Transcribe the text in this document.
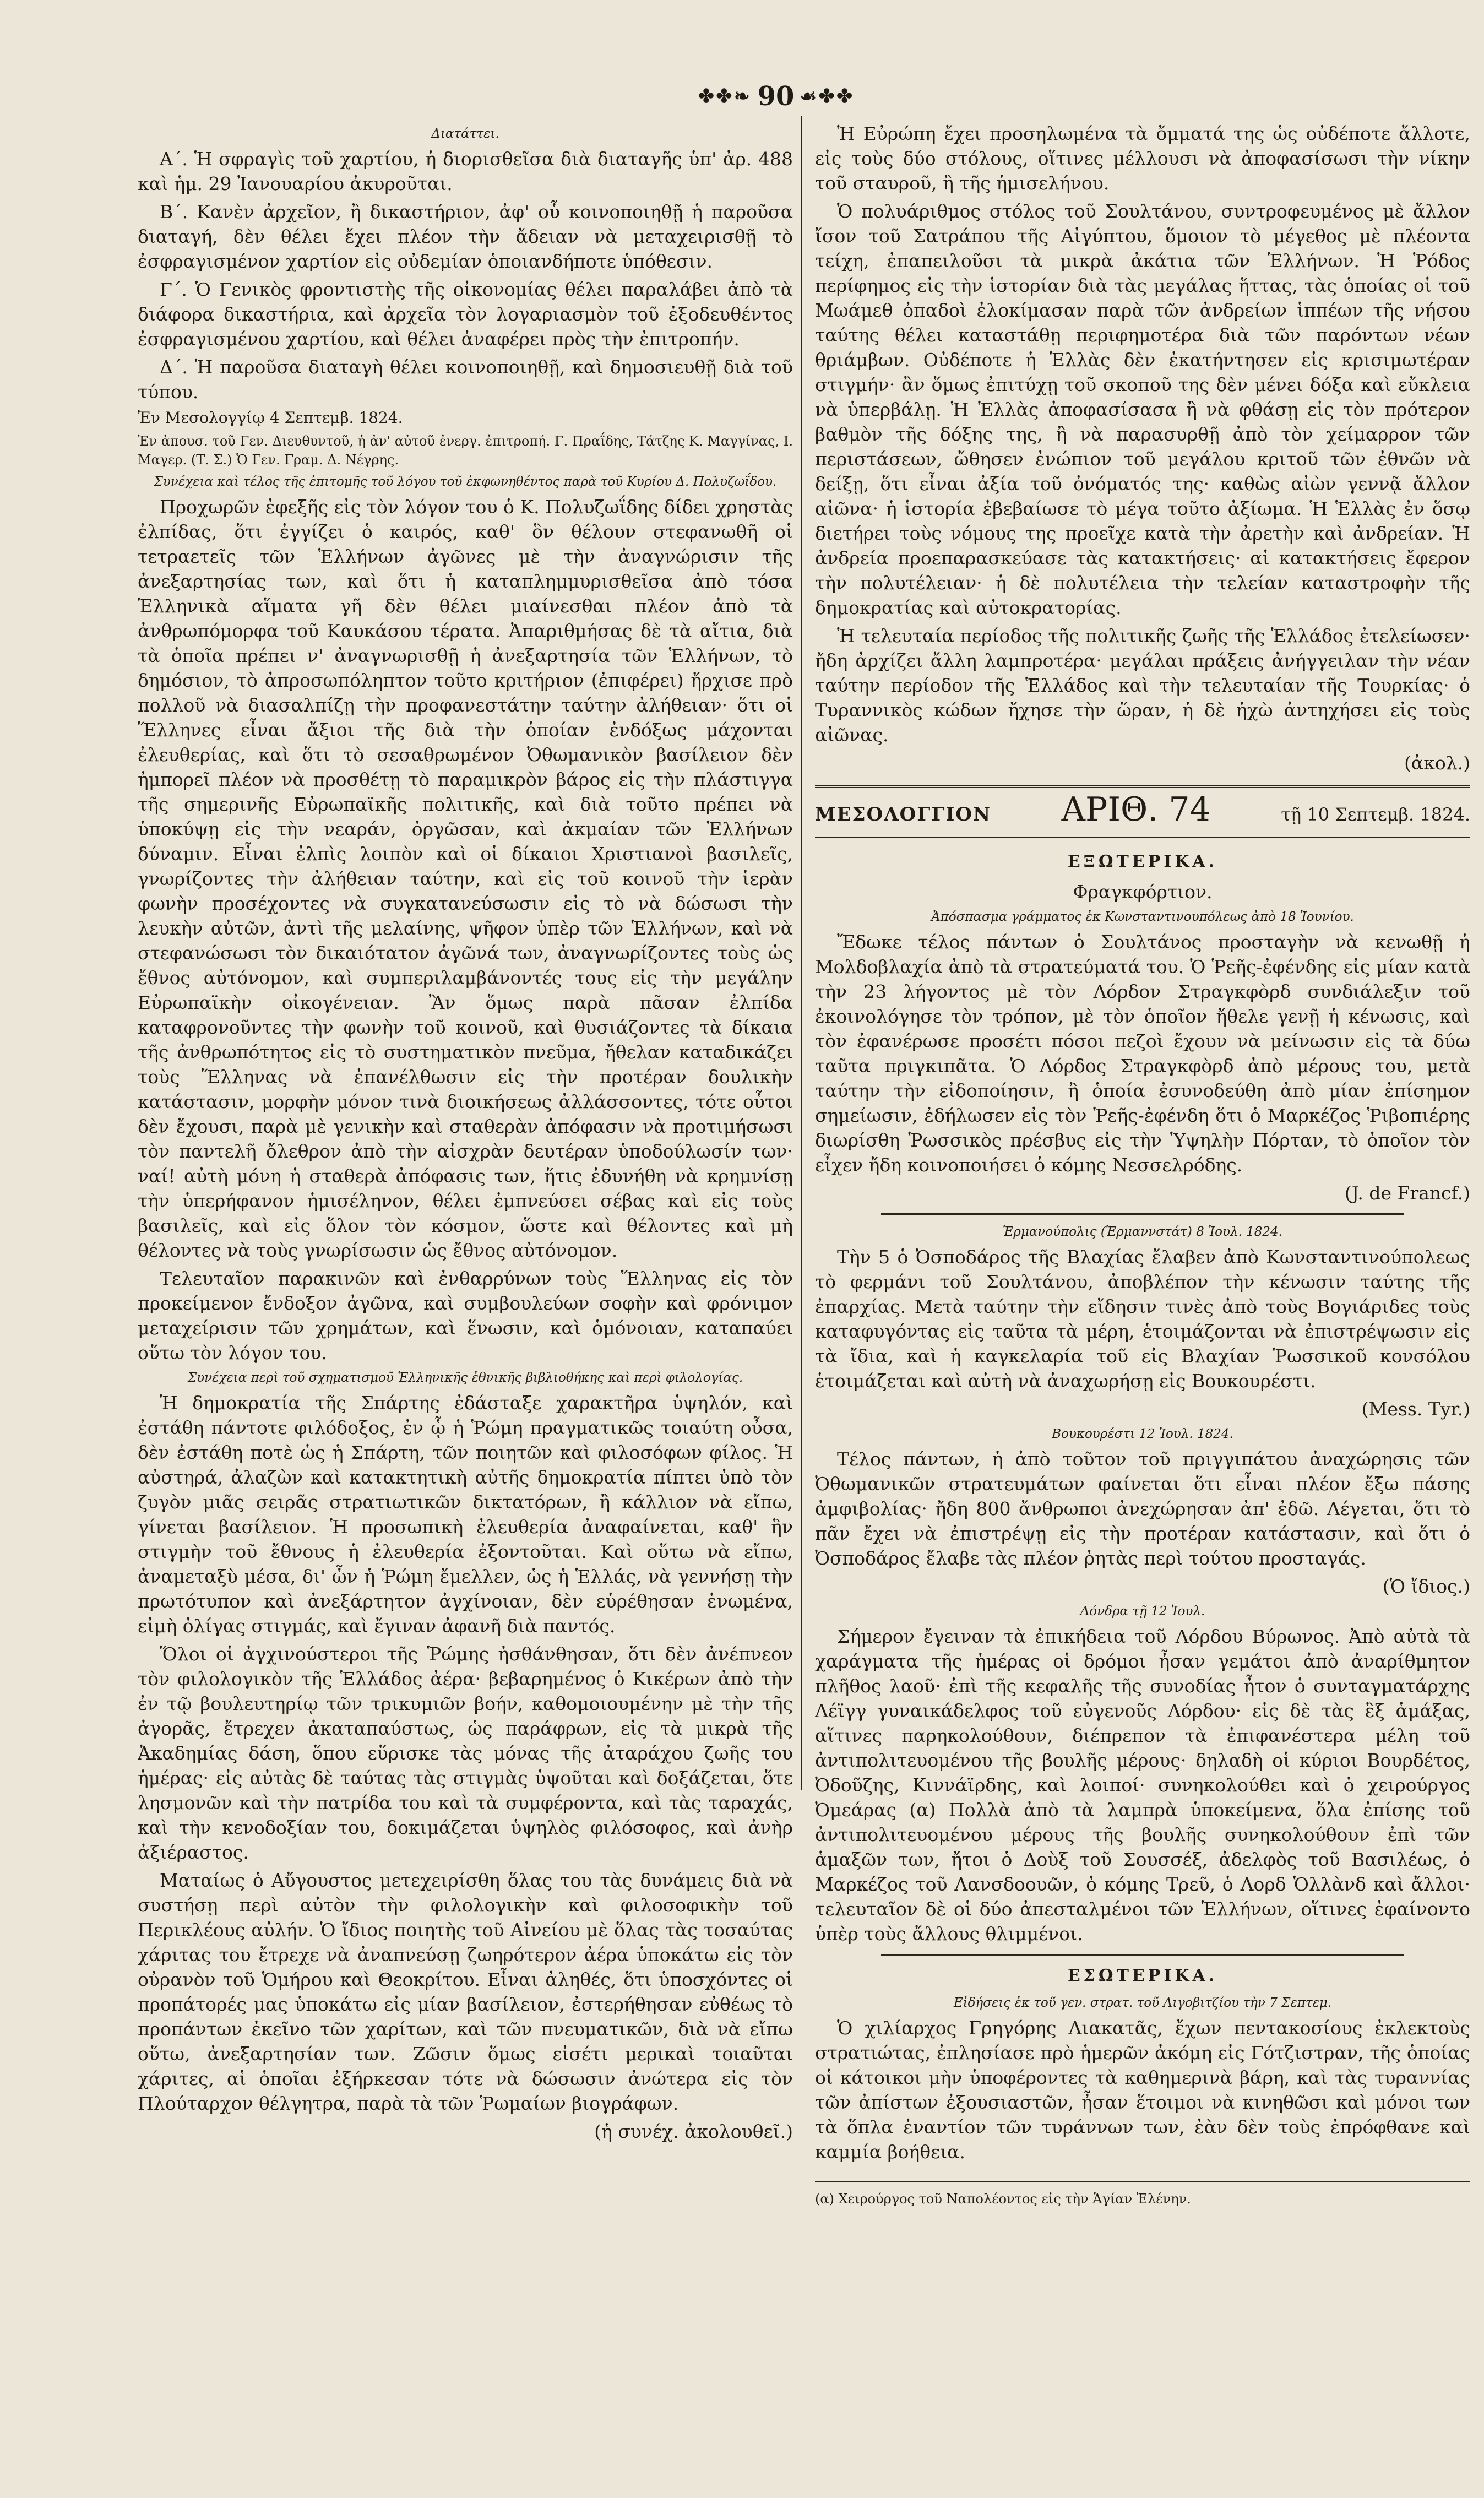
✤✤❧ 90 ☙✤✤
Διατάττει.

Α΄. Ἡ σφραγὶς τοῦ χαρτίου, ἡ διορισθεῖσα διὰ διαταγῆς ὑπ' ἀρ. 488 καὶ ἡμ. 29 Ἰανουαρίου ἀκυροῦται.

Β΄. Κανὲν ἀρχεῖον, ἢ δικαστήριον, ἀφ' οὗ κοινοποιηθῇ ἡ παροῦσα διαταγή, δὲν θέλει ἔχει πλέον τὴν ἄδειαν νὰ μεταχειρισθῇ τὸ ἐσφραγισμένον χαρτίον εἰς οὐδεμίαν ὁποιανδήποτε ὑπόθεσιν.

Γ΄. Ὁ Γενικὸς φροντιστὴς τῆς οἰκονομίας θέλει παραλάβει ἀπὸ τὰ διάφορα δικαστήρια, καὶ ἀρχεῖα τὸν λογαριασμὸν τοῦ ἐξοδευθέντος ἐσφραγισμένου χαρτίου, καὶ θέλει ἀναφέρει πρὸς τὴν ἐπιτροπήν.

Δ΄. Ἡ παροῦσα διαταγὴ θέλει κοινοποιηθῇ, καὶ δημοσιευθῇ διὰ τοῦ τύπου.

Ἐν Μεσολογγίῳ 4 Σεπτεμβ. 1824.

Ἐν ἀπουσ. τοῦ Γεν. Διευθυντοῦ, ἡ ἀν' αὐτοῦ ἐνεργ. ἐπιτροπή. Γ. Πραΐδης, Τάτζης Κ. Μαγγίνας, Ι. Μαγερ. (Τ. Σ.) Ὁ Γεν. Γραμ. Δ. Νέγρης.

Συνέχεια καὶ τέλος τῆς ἐπιτομῆς τοῦ λόγου τοῦ ἐκφωνηθέντος παρὰ τοῦ Κυρίου Δ. Πολυζωΐδου.

Προχωρῶν ἐφεξῆς εἰς τὸν λόγον του ὁ Κ. Πολυζωΐδης δίδει χρηστὰς ἐλπίδας, ὅτι ἐγγίζει ὁ καιρός, καθ' ὃν θέλουν στεφανωθῆ οἱ τετραετεῖς τῶν Ἑλλήνων ἀγῶνες μὲ τὴν ἀναγνώρισιν τῆς ἀνεξαρτησίας των, καὶ ὅτι ἡ καταπλημμυρισθεῖσα ἀπὸ τόσα Ἑλληνικὰ αἵματα γῆ δὲν θέλει μιαίνεσθαι πλέον ἀπὸ τὰ ἀνθρωπόμορφα τοῦ Καυκάσου τέρατα. Ἀπαριθμήσας δὲ τὰ αἴτια, διὰ τὰ ὁποῖα πρέπει ν' ἀναγνωρισθῇ ἡ ἀνεξαρτησία τῶν Ἑλλήνων, τὸ δημόσιον, τὸ ἀπροσωπόληπτον τοῦτο κριτήριον (ἐπιφέρει) ἤρχισε πρὸ πολλοῦ νὰ διασαλπίζῃ τὴν προφανεστάτην ταύτην ἀλήθειαν· ὅτι οἱ Ἕλληνες εἶναι ἄξιοι τῆς διὰ τὴν ὁποίαν ἐνδόξως μάχονται ἐλευθερίας, καὶ ὅτι τὸ σεσαθρωμένον Ὀθωμανικὸν βασίλειον δὲν ἠμπορεῖ πλέον νὰ προσθέτῃ τὸ παραμικρὸν βάρος εἰς τὴν πλάστιγγα τῆς σημερινῆς Εὐρωπαϊκῆς πολιτικῆς, καὶ διὰ τοῦτο πρέπει νὰ ὑποκύψῃ εἰς τὴν νεαράν, ὀργῶσαν, καὶ ἀκμαίαν τῶν Ἑλλήνων δύναμιν. Εἶναι ἐλπὶς λοιπὸν καὶ οἱ δίκαιοι Χριστιανοὶ βασιλεῖς, γνωρίζοντες τὴν ἀλήθειαν ταύτην, καὶ εἰς τοῦ κοινοῦ τὴν ἱερὰν φωνὴν προσέχοντες νὰ συγκατανεύσωσιν εἰς τὸ νὰ δώσωσι τὴν λευκὴν αὐτῶν, ἀντὶ τῆς μελαίνης, ψῆφον ὑπὲρ τῶν Ἑλλήνων, καὶ νὰ στεφανώσωσι τὸν δικαιότατον ἀγῶνά των, ἀναγνωρίζοντες τοὺς ὡς ἔθνος αὐτόνομον, καὶ συμπεριλαμβάνοντές τους εἰς τὴν μεγάλην Εὐρωπαϊκὴν οἰκογένειαν. Ἂν ὅμως παρὰ πᾶσαν ἐλπίδα καταφρονοῦντες τὴν φωνὴν τοῦ κοινοῦ, καὶ θυσιάζοντες τὰ δίκαια τῆς ἀνθρωπότητος εἰς τὸ συστηματικὸν πνεῦμα, ἤθελαν καταδικάζει τοὺς Ἕλληνας νὰ ἐπανέλθωσιν εἰς τὴν προτέραν δουλικὴν κατάστασιν, μορφὴν μόνον τινὰ διοικήσεως ἀλλάσσοντες, τότε οὗτοι δὲν ἔχουσι, παρὰ μὲ γενικὴν καὶ σταθερὰν ἀπόφασιν νὰ προτιμήσωσι τὸν παντελῆ ὄλεθρον ἀπὸ τὴν αἰσχρὰν δευτέραν ὑποδούλωσίν των· ναί! αὐτὴ μόνη ἡ σταθερὰ ἀπόφασις των, ἥτις ἐδυνήθη νὰ κρημνίσῃ τὴν ὑπερήφανον ἡμισέληνον, θέλει ἐμπνεύσει σέβας καὶ εἰς τοὺς βασιλεῖς, καὶ εἰς ὅλον τὸν κόσμον, ὥστε καὶ θέλοντες καὶ μὴ θέλοντες νὰ τοὺς γνωρίσωσιν ὡς ἔθνος αὐτόνομον.

Τελευταῖον παρακινῶν καὶ ἐνθαρρύνων τοὺς Ἕλληνας εἰς τὸν προκείμενον ἔνδοξον ἀγῶνα, καὶ συμβουλεύων σοφὴν καὶ φρόνιμον μεταχείρισιν τῶν χρημάτων, καὶ ἕνωσιν, καὶ ὁμόνοιαν, καταπαύει οὕτω τὸν λόγον του.

Συνέχεια περὶ τοῦ σχηματισμοῦ Ἑλληνικῆς ἐθνικῆς βιβλιοθήκης καὶ περὶ φιλολογίας.

Ἡ δημοκρατία τῆς Σπάρτης ἐδάσταξε χαρακτῆρα ὑψηλόν, καὶ ἐστάθη πάντοτε φιλόδοξος, ἐν ᾧ ἡ Ῥώμη πραγματικῶς τοιαύτη οὖσα, δὲν ἐστάθη ποτὲ ὡς ἡ Σπάρτη, τῶν ποιητῶν καὶ φιλοσόφων φίλος. Ἡ αὐστηρά, ἀλαζὼν καὶ κατακτητικὴ αὐτῆς δημοκρατία πίπτει ὑπὸ τὸν ζυγὸν μιᾶς σειρᾶς στρατιωτικῶν δικτατόρων, ἢ κάλλιον νὰ εἴπω, γίνεται βασίλειον. Ἡ προσωπικὴ ἐλευθερία ἀναφαίνεται, καθ' ἣν στιγμὴν τοῦ ἔθνους ἡ ἐλευθερία ἐξοντοῦται. Καὶ οὕτω νὰ εἴπω, ἀναμεταξὺ μέσα, δι' ὧν ἡ Ῥώμη ἔμελλεν, ὡς ἡ Ἑλλάς, νὰ γεννήσῃ τὴν πρωτότυπον καὶ ἀνεξάρτητον ἀγχίνοιαν, δὲν εὑρέθησαν ἑνωμένα, εἰμὴ ὀλίγας στιγμάς, καὶ ἔγιναν ἀφανῆ διὰ παντός.

Ὅλοι οἱ ἀγχινούστεροι τῆς Ῥώμης ἠσθάνθησαν, ὅτι δὲν ἀνέπνεον τὸν φιλολογικὸν τῆς Ἑλλάδος ἀέρα· βεβαρημένος ὁ Κικέρων ἀπὸ τὴν ἐν τῷ βουλευτηρίῳ τῶν τρικυμιῶν βοήν, καθομοιουμένην μὲ τὴν τῆς ἀγορᾶς, ἔτρεχεν ἀκαταπαύστως, ὡς παράφρων, εἰς τὰ μικρὰ τῆς Ἀκαδημίας δάση, ὅπου εὕρισκε τὰς μόνας τῆς ἀταράχου ζωῆς του ἡμέρας· εἰς αὐτὰς δὲ ταύτας τὰς στιγμὰς ὑψοῦται καὶ δοξάζεται, ὅτε λησμονῶν καὶ τὴν πατρίδα του καὶ τὰ συμφέροντα, καὶ τὰς ταραχάς, καὶ τὴν κενοδοξίαν του, δοκιμάζεται ὑψηλὸς φιλόσοφος, καὶ ἀνὴρ ἀξιέραστος.

Ματαίως ὁ Αὔγουστος μετεχειρίσθη ὅλας του τὰς δυνάμεις διὰ νὰ συστήσῃ περὶ αὐτὸν τὴν φιλολογικὴν καὶ φιλοσοφικὴν τοῦ Περικλέους αὐλήν. Ὁ ἴδιος ποιητὴς τοῦ Αἰνείου μὲ ὅλας τὰς τοσαύτας χάριτας του ἔτρεχε νὰ ἀναπνεύσῃ ζωηρότερον ἀέρα ὑποκάτω εἰς τὸν οὐρανὸν τοῦ Ὁμήρου καὶ Θεοκρίτου. Εἶναι ἀληθές, ὅτι ὑποσχόντες οἱ προπάτορές μας ὑποκάτω εἰς μίαν βασίλειον, ἐστερήθησαν εὐθέως τὸ προπάντων ἐκεῖνο τῶν χαρίτων, καὶ τῶν πνευματικῶν, διὰ νὰ εἴπω οὕτω, ἀνεξαρτησίαν των. Ζῶσιν ὅμως εἰσέτι μερικαὶ τοιαῦται χάριτες, αἱ ὁποῖαι ἐξήρκεσαν τότε νὰ δώσωσιν ἀνώτερα εἰς τὸν Πλούταρχον θέλγητρα, παρὰ τὰ τῶν Ῥωμαίων βιογράφων.

(ἡ συνέχ. ἀκολουθεῖ.)

Ἡ Εὐρώπη ἔχει προσηλωμένα τὰ ὄμματά της ὡς οὐδέποτε ἄλλοτε, εἰς τοὺς δύο στόλους, οἵτινες μέλλουσι νὰ ἀποφασίσωσι τὴν νίκην τοῦ σταυροῦ, ἢ τῆς ἡμισελήνου.

Ὁ πολυάριθμος στόλος τοῦ Σουλτάνου, συντροφευμένος μὲ ἄλλον ἴσον τοῦ Σατράπου τῆς Αἰγύπτου, ὅμοιον τὸ μέγεθος μὲ πλέοντα τείχη, ἐπαπειλοῦσι τὰ μικρὰ ἀκάτια τῶν Ἑλλήνων. Ἡ Ῥόδος περίφημος εἰς τὴν ἱστορίαν διὰ τὰς μεγάλας ἥττας, τὰς ὁποίας οἱ τοῦ Μωάμεθ ὀπαδοὶ ἐλοκίμασαν παρὰ τῶν ἀνδρείων ἱππέων τῆς νήσου ταύτης θέλει καταστάθῃ περιφημοτέρα διὰ τῶν παρόντων νέων θριάμβων. Οὐδέποτε ἡ Ἑλλὰς δὲν ἐκατήντησεν εἰς κρισιμωτέραν στιγμήν· ἂν ὅμως ἐπιτύχῃ τοῦ σκοποῦ της δὲν μένει δόξα καὶ εὔκλεια νὰ ὑπερβάλῃ. Ἡ Ἑλλὰς ἀποφασίσασα ἢ νὰ φθάσῃ εἰς τὸν πρότερον βαθμὸν τῆς δόξης της, ἢ νὰ παρασυρθῇ ἀπὸ τὸν χείμαρρον τῶν περιστάσεων, ὤθησεν ἐνώπιον τοῦ μεγάλου κριτοῦ τῶν ἐθνῶν νὰ δείξῃ, ὅτι εἶναι ἀξία τοῦ ὀνόματός της· καθὼς αἰὼν γεννᾷ ἄλλον αἰῶνα· ἡ ἱστορία ἐβεβαίωσε τὸ μέγα τοῦτο ἀξίωμα. Ἡ Ἑλλὰς ἐν ὅσῳ διετήρει τοὺς νόμους της προεῖχε κατὰ τὴν ἀρετὴν καὶ ἀνδρείαν. Ἡ ἀνδρεία προεπαρασκεύασε τὰς κατακτήσεις· αἱ κατακτήσεις ἔφερον τὴν πολυτέλειαν· ἡ δὲ πολυτέλεια τὴν τελείαν καταστροφὴν τῆς δημοκρατίας καὶ αὐτοκρατορίας.

Ἡ τελευταία περίοδος τῆς πολιτικῆς ζωῆς τῆς Ἑλλάδος ἐτελείωσεν· ἤδη ἀρχίζει ἄλλη λαμπροτέρα· μεγάλαι πράξεις ἀνήγγειλαν τὴν νέαν ταύτην περίοδον τῆς Ἑλλάδος καὶ τὴν τελευταίαν τῆς Τουρκίας· ὁ Τυραννικὸς κώδων ἤχησε τὴν ὥραν, ἡ δὲ ἠχὼ ἀντηχήσει εἰς τοὺς αἰῶνας.

(ἀκολ.)

ΜΕΣΟΛΟΓΓΙΟΝ ΑΡΙΘ. 74	τῇ 10 Σεπτεμβ. 1824.
ΕΞΩΤΕΡΙΚΑ.

Φραγκφόρτιον.

Ἀπόσπασμα γράμματος ἐκ Κωνσταντινουπόλεως ἀπὸ 18 Ἰουνίου.

Ἔδωκε τέλος πάντων ὁ Σουλτάνος προσταγὴν νὰ κενωθῇ ἡ Μολδοβλαχία ἀπὸ τὰ στρατεύματά του. Ὁ Ῥεῆς-ἐφένδης εἰς μίαν κατὰ τὴν 23 λήγοντος μὲ τὸν Λόρδον Στραγκφὸρδ συνδιάλεξιν τοῦ ἐκοινολόγησε τὸν τρόπον, μὲ τὸν ὁποῖον ἤθελε γενῇ ἡ κένωσις, καὶ τὸν ἐφανέρωσε προσέτι πόσοι πεζοὶ ἔχουν νὰ μείνωσιν εἰς τὰ δύω ταῦτα πριγκιπᾶτα. Ὁ Λόρδος Στραγκφὸρδ ἀπὸ μέρους του, μετὰ ταύτην τὴν εἰδοποίησιν, ἢ ὁποία ἐσυνοδεύθη ἀπὸ μίαν ἐπίσημον σημείωσιν, ἐδήλωσεν εἰς τὸν Ῥεῆς-ἐφένδη ὅτι ὁ Μαρκέζος Ῥιβοπιέρης διωρίσθη Ῥωσσικὸς πρέσβυς εἰς τὴν Ὑψηλὴν Πόρταν, τὸ ὁποῖον τὸν εἶχεν ἤδη κοινοποιήσει ὁ κόμης Νεσσελρόδης.

(J. de Francf.)

Ἑρμανούπολις (Ἑρμαννστάτ) 8 Ἰουλ. 1824.

Τὴν 5 ὁ Ὀσποδάρος τῆς Βλαχίας ἔλαβεν ἀπὸ Κωνσταντινούπολεως τὸ φερμάνι τοῦ Σουλτάνου, ἀποβλέπον τὴν κένωσιν ταύτης τῆς ἐπαρχίας. Μετὰ ταύτην τὴν εἴδησιν τινὲς ἀπὸ τοὺς Βογιάριδες τοὺς καταφυγόντας εἰς ταῦτα τὰ μέρη, ἑτοιμάζονται νὰ ἐπιστρέψωσιν εἰς τὰ ἴδια, καὶ ἡ καγκελαρία τοῦ εἰς Βλαχίαν Ῥωσσικοῦ κονσόλου ἑτοιμάζεται καὶ αὐτὴ νὰ ἀναχωρήσῃ εἰς Βουκουρέστι.

(Mess. Tyr.)

Βουκουρέστι 12 Ἰουλ. 1824.

Τέλος πάντων, ἡ ἀπὸ τοῦτον τοῦ πριγγιπάτου ἀναχώρησις τῶν Ὀθωμανικῶν στρατευμάτων φαίνεται ὅτι εἶναι πλέον ἔξω πάσης ἀμφιβολίας· ἤδη 800 ἄνθρωποι ἀνεχώρησαν ἀπ' ἐδῶ. Λέγεται, ὅτι τὸ πᾶν ἔχει νὰ ἐπιστρέψῃ εἰς τὴν προτέραν κατάστασιν, καὶ ὅτι ὁ Ὀσποδάρος ἔλαβε τὰς πλέον ῥητὰς περὶ τούτου προσταγάς.

(Ὁ ἴδιος.)

Λόνδρα τῇ 12 Ἰουλ.

Σήμερον ἔγειναν τὰ ἐπικήδεια τοῦ Λόρδου Βύρωνος. Ἀπὸ αὐτὰ τὰ χαράγματα τῆς ἡμέρας οἱ δρόμοι ἦσαν γεμάτοι ἀπὸ ἀναρίθμητον πλῆθος λαοῦ· ἐπὶ τῆς κεφαλῆς τῆς συνοδίας ἦτον ὁ συνταγματάρχης Λέϊγγ γυναικάδελφος τοῦ εὐγενοῦς Λόρδου· εἰς δὲ τὰς ἓξ ἁμάξας, αἵτινες παρηκολούθουν, διέπρεπον τὰ ἐπιφανέστερα μέλη τοῦ ἀντιπολιτευομένου τῆς βουλῆς μέρους· δηλαδὴ οἱ κύριοι Βουρδέτος, Ὀδοῦζης, Κιννάϊρδης, καὶ λοιποί· συνηκολούθει καὶ ὁ χειρούργος Ὀμεάρας (α) Πολλὰ ἀπὸ τὰ λαμπρὰ ὑποκείμενα, ὅλα ἐπίσης τοῦ ἀντιπολιτευομένου μέρους τῆς βουλῆς συνηκολούθουν ἐπὶ τῶν ἁμαξῶν των, ἤτοι ὁ Δοὺξ τοῦ Σουσσέξ, ἀδελφὸς τοῦ Βασιλέως, ὁ Μαρκέζος τοῦ Λανσδοουῶν, ὁ κόμης Τρεῦ, ὁ Λορδ Ὁλλὰνδ καὶ ἄλλοι· τελευταῖον δὲ οἱ δύο ἀπεσταλμένοι τῶν Ἑλλήνων, οἵτινες ἐφαίνοντο ὑπὲρ τοὺς ἄλλους θλιμμένοι.

ΕΣΩΤΕΡΙΚΑ.
Εἰδήσεις ἐκ τοῦ γεν. στρατ. τοῦ Λιγοβιτζίου τὴν 7 Σεπτεμ.

Ὁ χιλίαρχος Γρηγόρης Λιακατᾶς, ἔχων πεντακοσίους ἐκλεκτοὺς στρατιώτας, ἐπλησίασε πρὸ ἡμερῶν ἀκόμη εἰς Γότζιστραν, τῆς ὁποίας οἱ κάτοικοι μὴν ὑποφέροντες τὰ καθημερινὰ βάρη, καὶ τὰς τυραννίας τῶν ἀπίστων ἐξουσιαστῶν, ἦσαν ἕτοιμοι νὰ κινηθῶσι καὶ μόνοι των τὰ ὅπλα ἐναντίον τῶν τυράννων των, ἐὰν δὲν τοὺς ἐπρόφθανε καὶ καμμία βοήθεια.

(α) Χειρούργος τοῦ Ναπολέοντος εἰς τὴν Ἁγίαν Ἑλένην.
